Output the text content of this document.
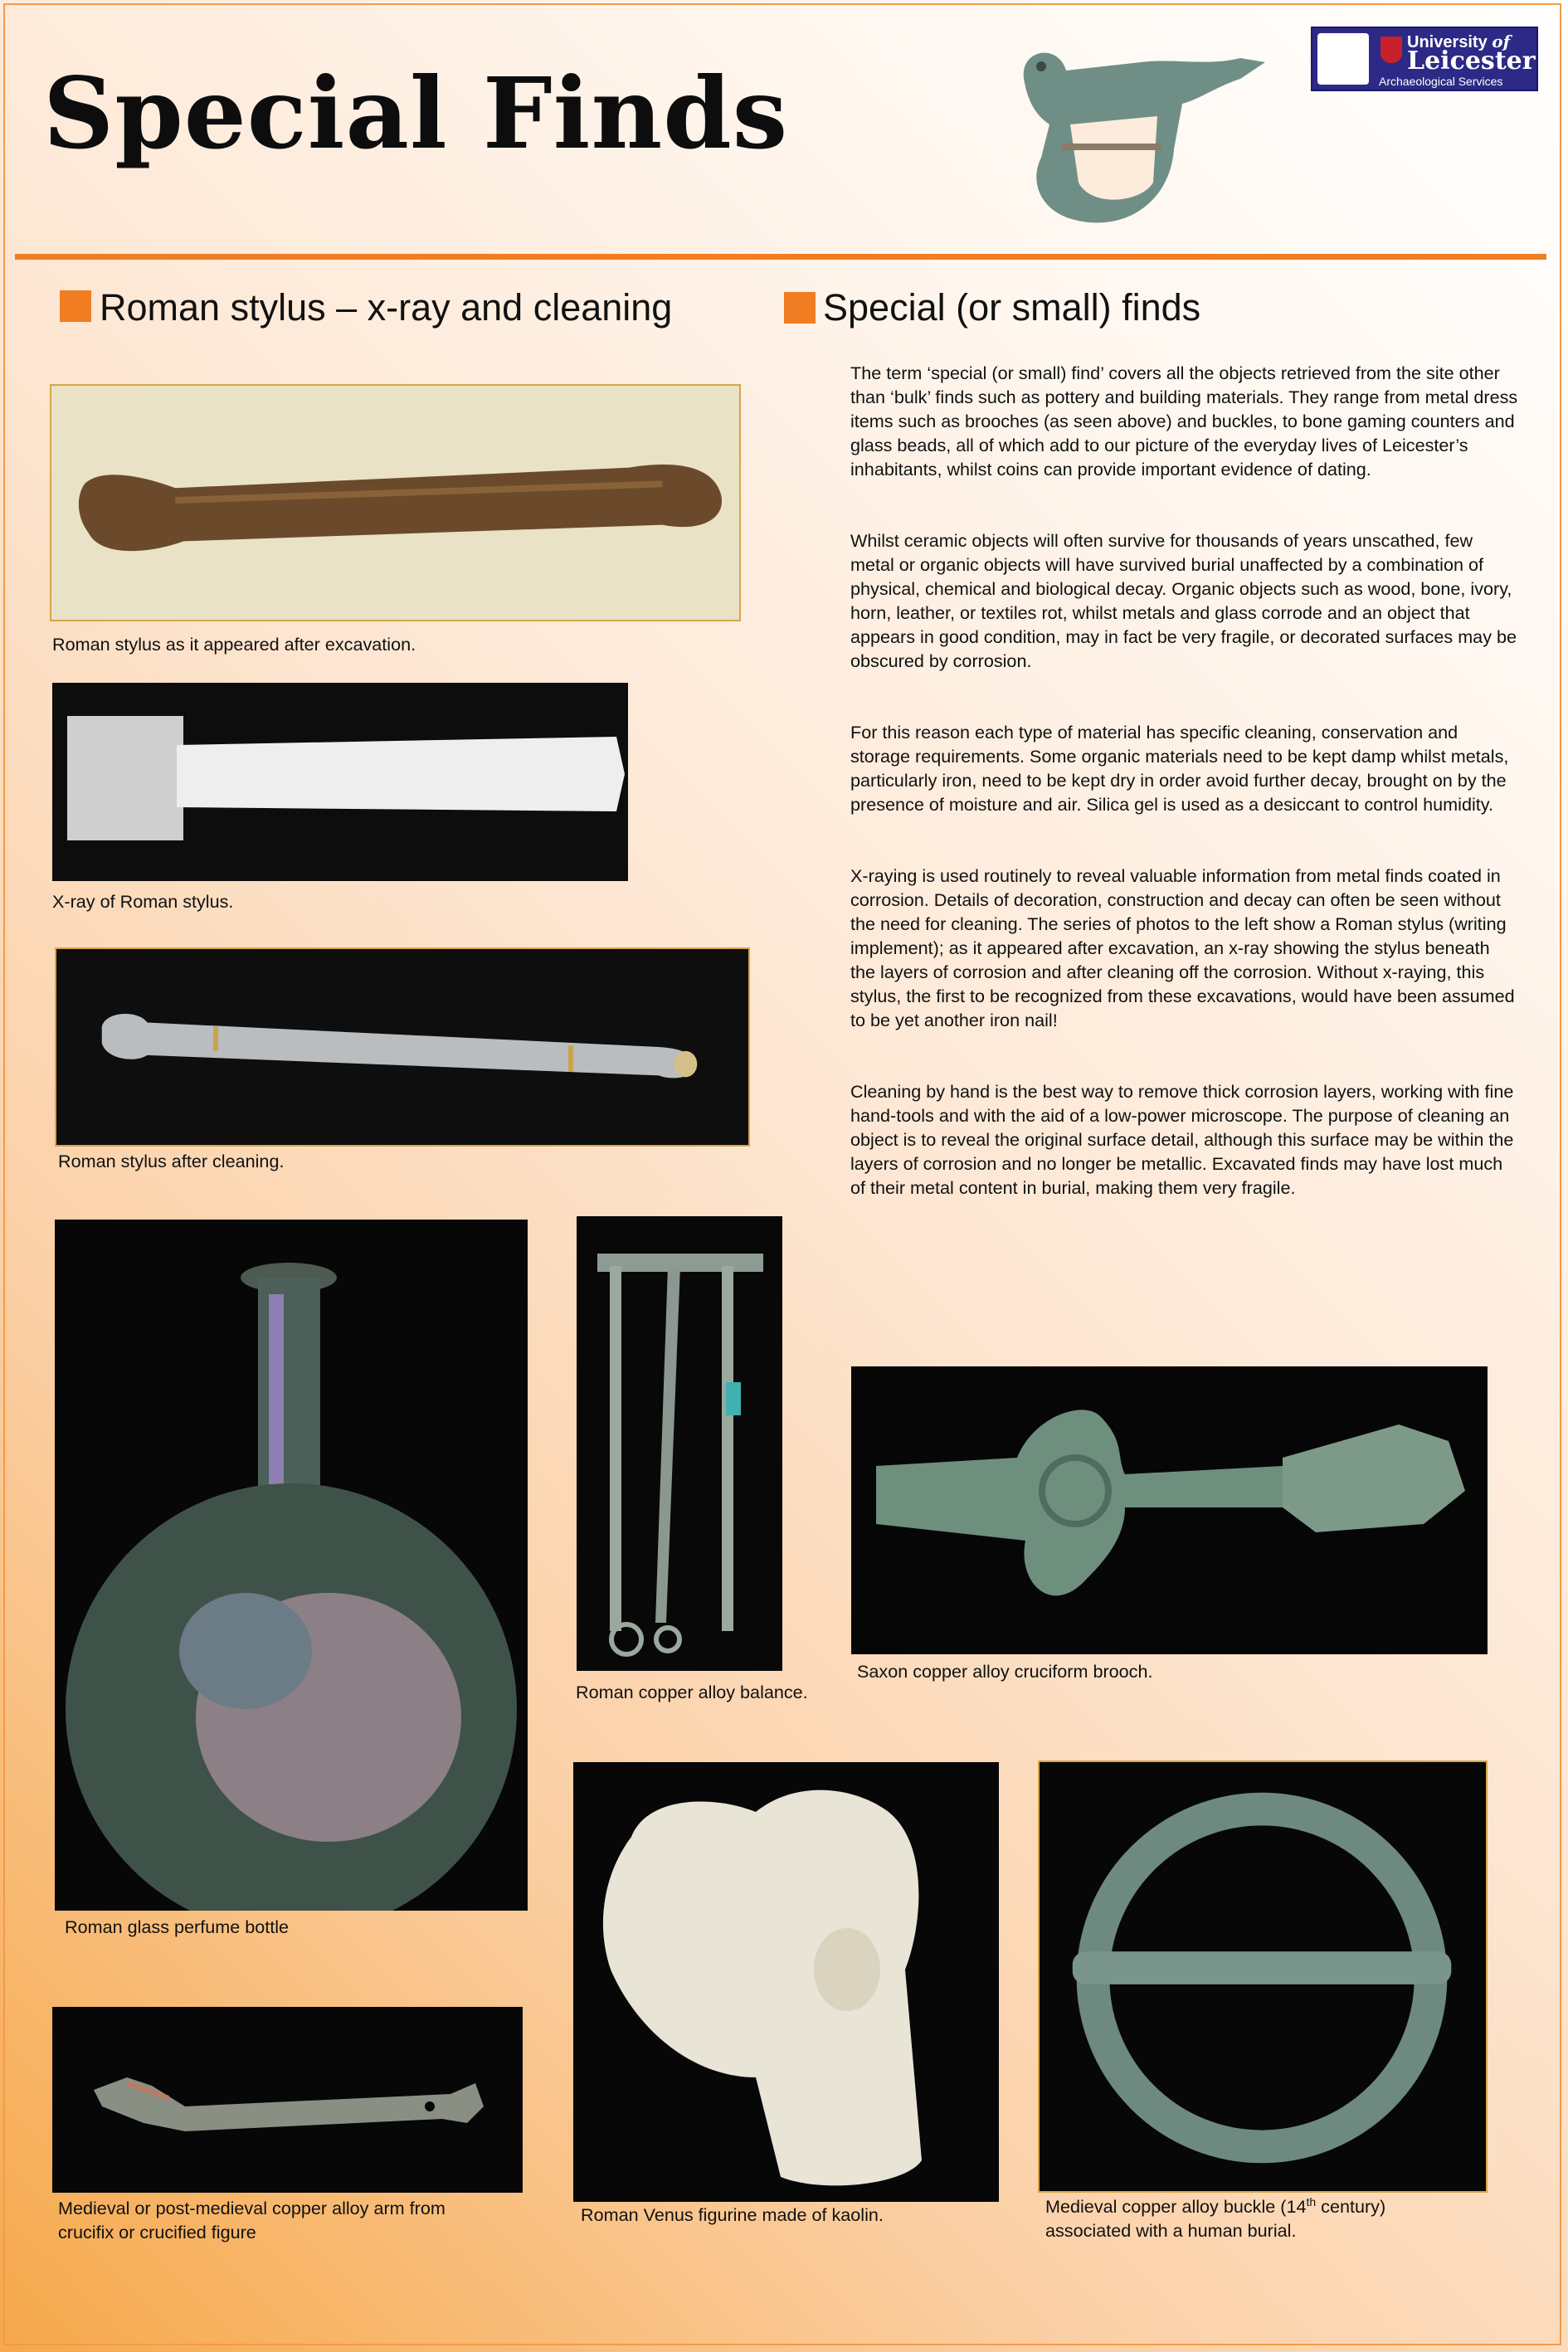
Special Finds
University of
Leicester
Archaeological Services
Roman stylus – x-ray and cleaning	Special (or small) finds

The term ‘special (or small) find’ covers all the objects retrieved from the site other than ‘bulk’ finds such as pottery and building materials. They range from metal dress items such as brooches (as seen above) and buckles, to bone gaming counters and glass beads, all of which add to our picture of the everyday lives of Leicester’s inhabitants, whilst coins can provide important evidence of dating.

Whilst ceramic objects will often survive for thousands of years unscathed, few metal or organic objects will have survived burial unaffected by a combination of physical, chemical and biological decay. Organic objects such as wood, bone, ivory, horn, leather, or textiles rot, whilst metals and glass corrode and an object that appears in good condition, may in fact be very fragile, or decorated surfaces may be obscured by corrosion.

For this reason each type of material has specific cleaning, conservation and storage requirements. Some organic materials need to be kept damp whilst metals, particularly iron, need to be kept dry in order avoid further decay, brought on by the presence of moisture and air. Silica gel is used as a desiccant to control humidity.

X-raying is used routinely to reveal valuable information from metal finds coated in corrosion. Details of decoration, construction and decay can often be seen without the need for cleaning. The series of photos to the left show a Roman stylus (writing implement); as it appeared after excavation, an x-ray showing the stylus beneath the layers of corrosion and after cleaning off the corrosion. Without x-raying, this stylus, the first to be recognized from these excavations, would have been assumed to be yet another iron nail!

Cleaning by hand is the best way to remove thick corrosion layers, working with fine hand-tools and with the aid of a low-power microscope. The purpose of cleaning an object is to reveal the original surface detail, although this surface may be within the layers of corrosion and no longer be metallic. Excavated finds may have lost much of their metal content in burial, making them very fragile.

Roman stylus as it appeared after excavation.
X-ray of Roman stylus.
Roman stylus after cleaning.
Roman glass perfume bottle
Roman copper alloy balance.
Saxon copper alloy cruciform brooch.
Roman Venus figurine made of kaolin.	Medieval copper alloy buckle (14th century)
associated with a human burial.
Medieval or post-medieval copper alloy arm from
crucifix or crucified figure
